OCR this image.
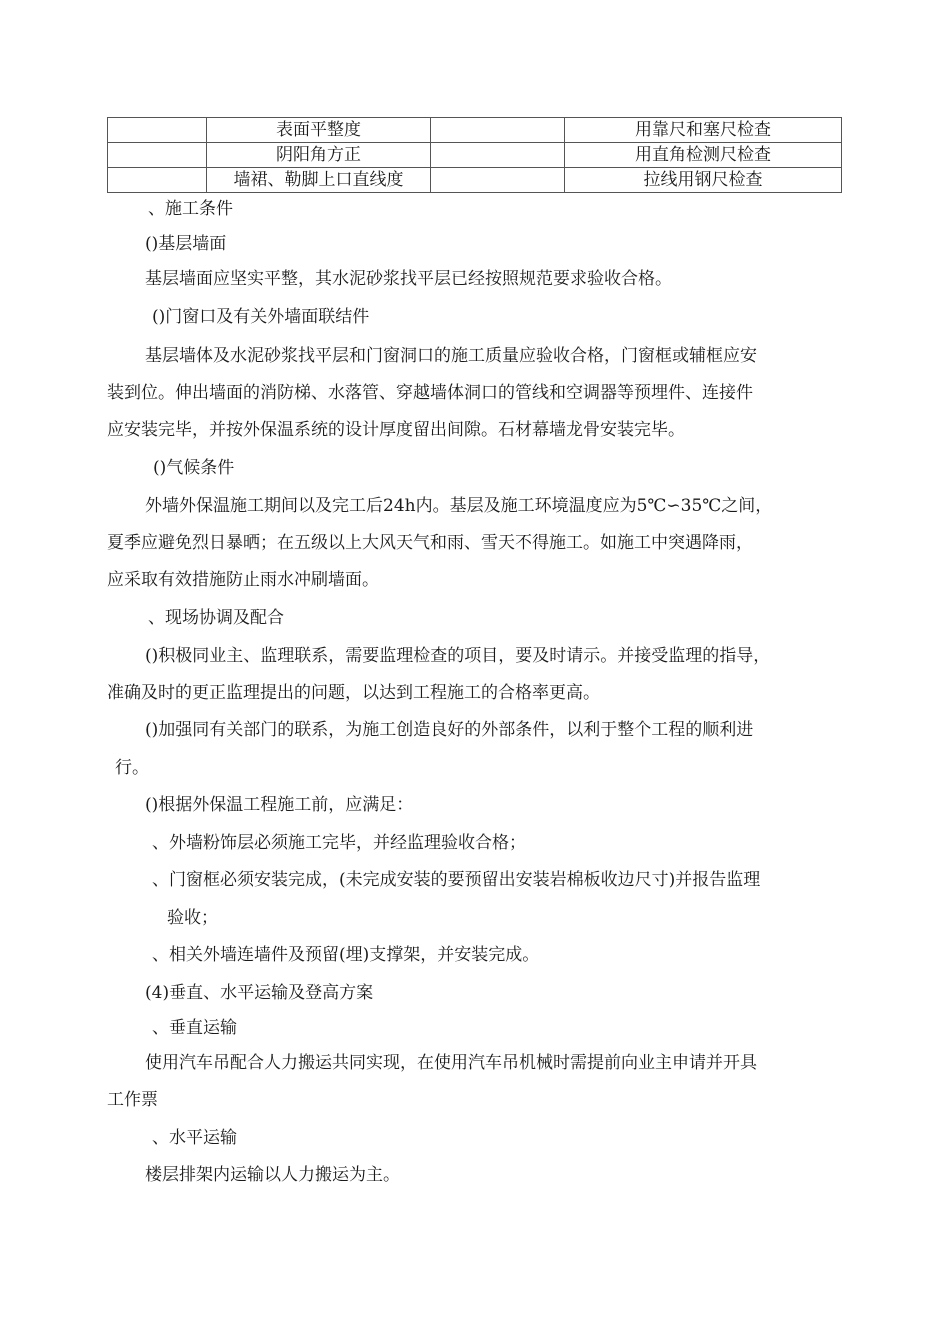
	表面平整度		用靠尺和塞尺检查
	阴阳角方正		用直角检测尺检查
	墙裙、勒脚上口直线度		拉线用钢尺检查
、施工条件
()基层墙面
基层墙面应坚实平整，其水泥砂浆找平层已经按照规范要求验收合格。
()门窗口及有关外墙面联结件
基层墙体及水泥砂浆找平层和门窗洞口的施工质量应验收合格，门窗框或辅框应安
装到位。伸出墙面的消防梯、水落管、穿越墙体洞口的管线和空调器等预埋件、连接件
应安装完毕，并按外保温系统的设计厚度留出间隙。石材幕墙龙骨安装完毕。
()气候条件
外墙外保温施工期间以及完工后24h内。基层及施工环境温度应为5℃∽35℃之间，
夏季应避免烈日暴晒；在五级以上大风天气和雨、雪天不得施工。如施工中突遇降雨，
应采取有效措施防止雨水冲刷墙面。
、现场协调及配合
()积极同业主、监理联系，需要监理检查的项目，要及时请示。并接受监理的指导，
准确及时的更正监理提出的问题，以达到工程施工的合格率更高。
()加强同有关部门的联系，为施工创造良好的外部条件，以利于整个工程的顺利进
行。
()根据外保温工程施工前，应满足：
、外墙粉饰层必须施工完毕，并经监理验收合格；
、门窗框必须安装完成，(未完成安装的要预留出安装岩棉板收边尺寸)并报告监理
验收；
、相关外墙连墙件及预留(埋)支撑架，并安装完成。
(4)垂直、水平运输及登高方案
、垂直运输
使用汽车吊配合人力搬运共同实现，在使用汽车吊机械时需提前向业主申请并开具
工作票
、水平运输
楼层排架内运输以人力搬运为主。
